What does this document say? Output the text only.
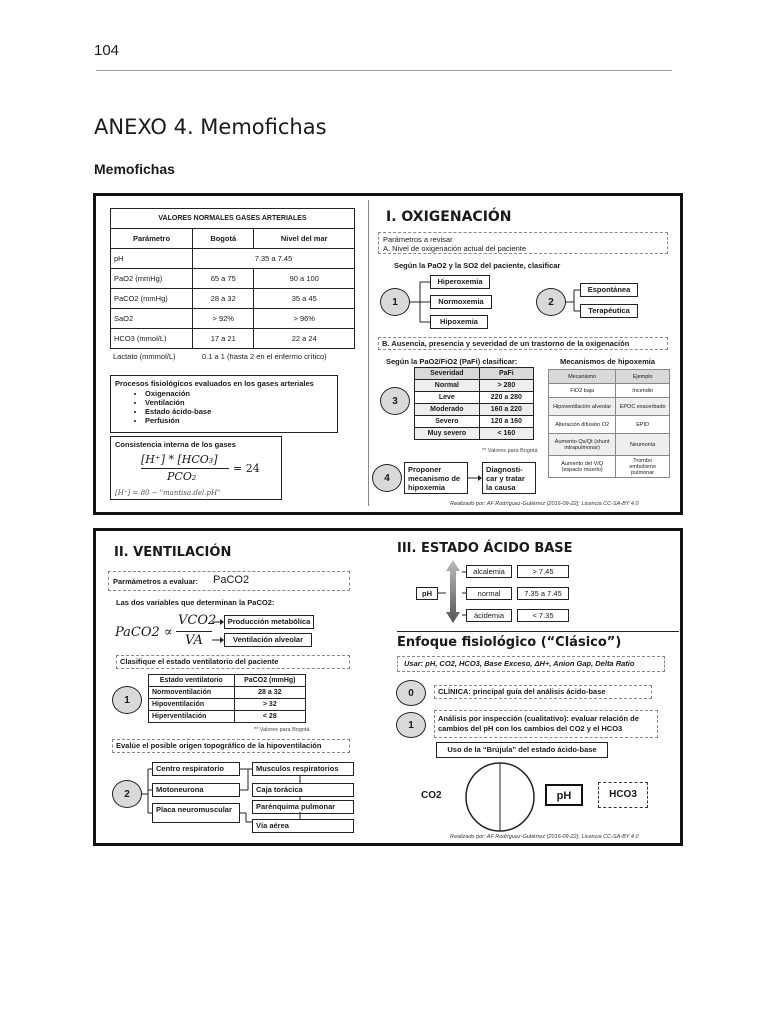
104
ANEXO 4. Memofichas
Memofichas
VALORES NORMALES GASES ARTERIALES		
Parámetro	Bogotá	Nivel del mar
pH	7.35 a 7.45	
PaO2 (mmHg)	65 a 75	90 a 100
PaCO2 (mmHg)	28 a 32	35 a 45
SaO2	> 92%	> 96%
HCO3 (mmol/L)	17 a 21	22 a 24
Lactato (mmmol/L)	0.1 a 1 (hasta 2 en el enfermo crítico)
Procesos fisiológicos evaluados en los gases arteriales
• Oxigenación
• Ventilación
• Estado ácido-base
• Perfusión
Consistencia interna de los gases
[H⁺] * [HCO₃]
PCO₂
= 24
[H⁺] = 80 − "mantisa.del.pH"
I. OXIGENACIÓN
Parámetros a revisar
A. Nivel de oxigenación actual del paciente
Según la PaO2 y la SO2 del paciente, clasificar
1
Hiperoxemia
Normoxemia
Hipoxemia
2
Espontánea
Terapéutica
B. Ausencia, presencia y severidad de un trastorno de la oxigenación
Según la PaO2/FiO2 (PaFi) clasificar:
3
Severidad	PaFi
Normal	> 280
Leve	220 a 280
Moderado	160 a 220
Severo	120 a 160
Muy severo	< 160
** Valores para Bogotá
Mecanismos de hipoxemia
Mecanismo	Ejemplo
FiO2 baja	Incendio
Hipoventilación alveolar	EPOC exacerbado
Alteración difusión O2	EPID
Aumento Qs/Qt (shunt intrapulmonar)	Neumonía
Aumento del V/Q (espacio muerto)	Trombo embolismo pulmonar
4
Proponer mecanismo de hipoxemia
Diagnosti-car y tratar la causa
Realizado por: AF Rodríguez-Gutiérrez (2016-09-22); Licencia CC-SA-BY 4.0
II. VENTILACIÓN
Parmámetros a evaluar: PaCO2
Las dos variables que determinan la PaCO2:
PaCO2 ∝
VCO2
VA
Producción metabólica
Ventilación alveolar
Clasifique el estado ventilatorio del paciente
1
Estado ventilatorio	PaCO2 (mmHg)
Normoventilación	28 a 32
Hipoventilación	> 32
Hiperventilación	< 28
** Valores para Bogotá
Evalúe el posible origen topográfico de la hipoventilación
2
Centro respiratorio
Motoneurona
Placa neuromuscular
Musculos respiratorios
Caja torácica
Parénquima pulmonar
Vía aérea
III. ESTADO ÁCIDO BASE
pH
alcalemia
normal
ácidemia
> 7.45
7.35 a 7.45
< 7.35
Enfoque fisiológico (“Clásico”)
Usar: pH, CO2, HCO3, Base Exceso, ΔH+, Anion Gap, Delta Ratio
0	CLÍNICA: principal guía del análisis ácido-base
1
Análisis por inspección (cualitativo): evaluar relación de cambios del pH con los cambios del CO2 y el HCO3
Uso de la “Brújula” del estado ácido-base
CO2	pH	HCO3
Realizado por: AF Rodríguez-Gutiérrez (2016-09-22); Licencia CC-SA-BY 4.0
